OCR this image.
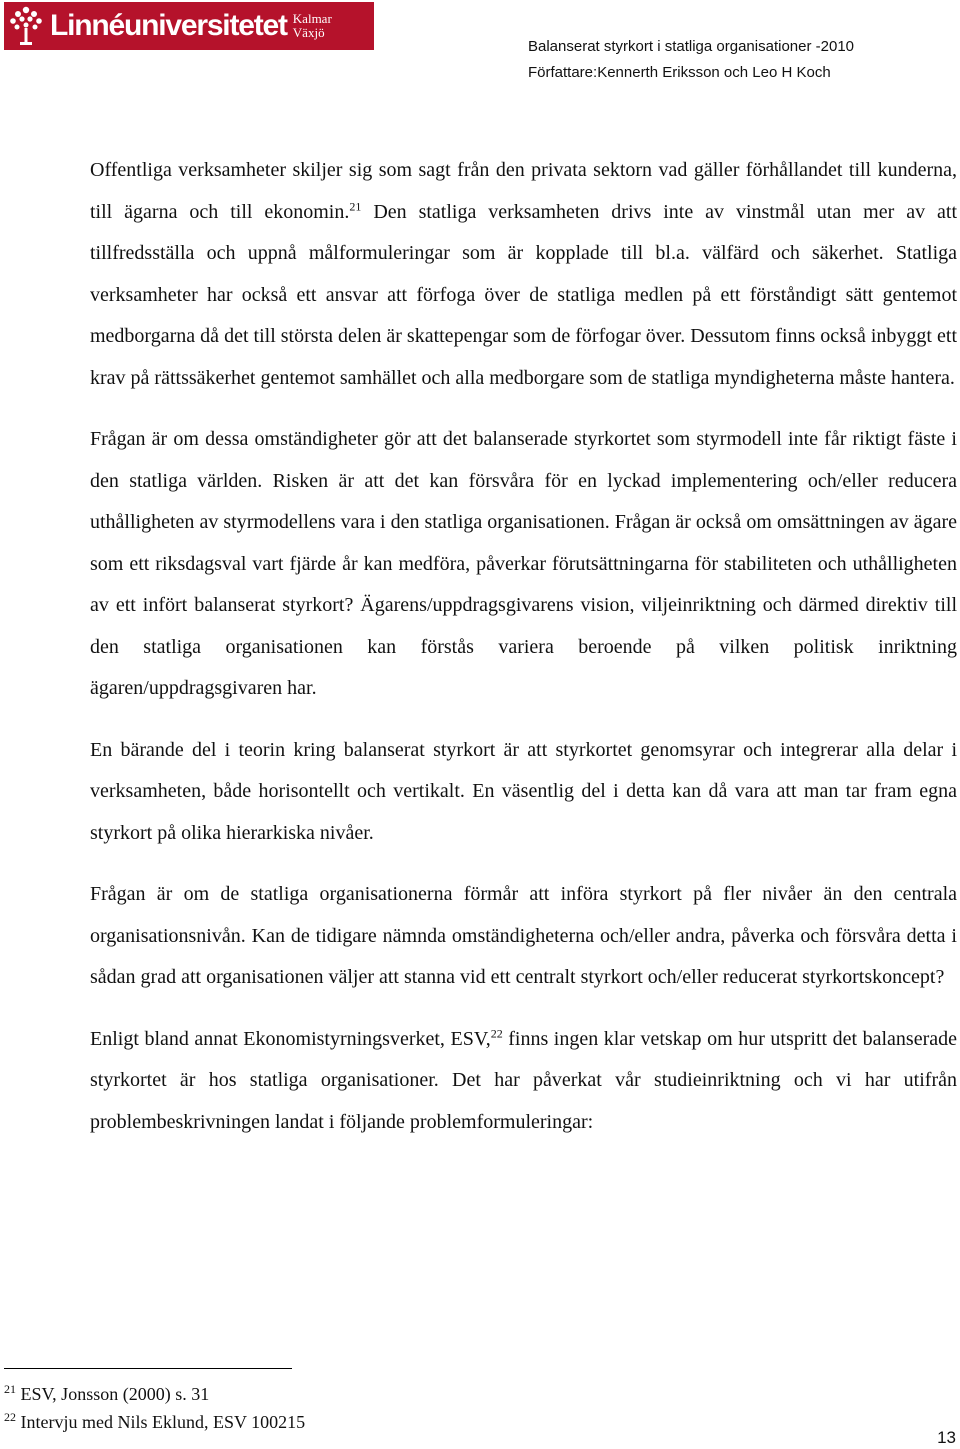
Linnéuniversitetet Kalmar
Växjö
Balanserat styrkort i statliga organisationer -2010
Författare:Kennerth Eriksson och Leo H Koch

Offentliga verksamheter skiljer sig som sagt från den privata sektorn vad gäller förhållandet till kunderna, till ägarna och till ekonomin.$^{21}$ Den statliga verksamheten drivs inte av vinstmål utan mer av att tillfredsställa och uppnå målformuleringar som är kopplade till bl.a. välfärd och säkerhet. Statliga verksamheter har också ett ansvar att förfoga över de statliga medlen på ett förståndigt sätt gentemot medborgarna då det till största delen är skattepengar som de förfogar över. Dessutom finns också inbyggt ett krav på rättssäkerhet gentemot samhället och alla medborgare som de statliga myndigheterna måste hantera.

Frågan är om dessa omständigheter gör att det balanserade styrkortet som styrmodell inte får riktigt fäste i den statliga världen. Risken är att det kan försvåra för en lyckad implementering och/eller reducera uthålligheten av styrmodellens vara i den statliga organisationen. Frågan är också om omsättningen av ägare som ett riksdagsval vart fjärde år kan medföra, påverkar förutsättningarna för stabiliteten och uthålligheten av ett infört balanserat styrkort? Ägarens/uppdragsgivarens vision, viljeinriktning och därmed direktiv till den statliga organisationen kan förstås variera beroende på vilken politisk inriktning ägaren/uppdragsgivaren har.

En bärande del i teorin kring balanserat styrkort är att styrkortet genomsyrar och integrerar alla delar i verksamheten, både horisontellt och vertikalt. En väsentlig del i detta kan då vara att man tar fram egna styrkort på olika hierarkiska nivåer.

Frågan är om de statliga organisationerna förmår att införa styrkort på fler nivåer än den centrala organisationsnivån. Kan de tidigare nämnda omständigheterna och/eller andra, påverka och försvåra detta i sådan grad att organisationen väljer att stanna vid ett centralt styrkort och/eller reducerat styrkortskoncept?

Enligt bland annat Ekonomistyrningsverket, ESV,$^{22}$ finns ingen klar vetskap om hur utspritt det balanserade styrkortet är hos statliga organisationer. Det har påverkat vår studieinriktning och vi har utifrån problembeskrivningen landat i följande problemformuleringar:

$^{21}$ ESV, Jonsson (2000) s. 31
$^{22}$ Intervju med Nils Eklund, ESV 100215
13
